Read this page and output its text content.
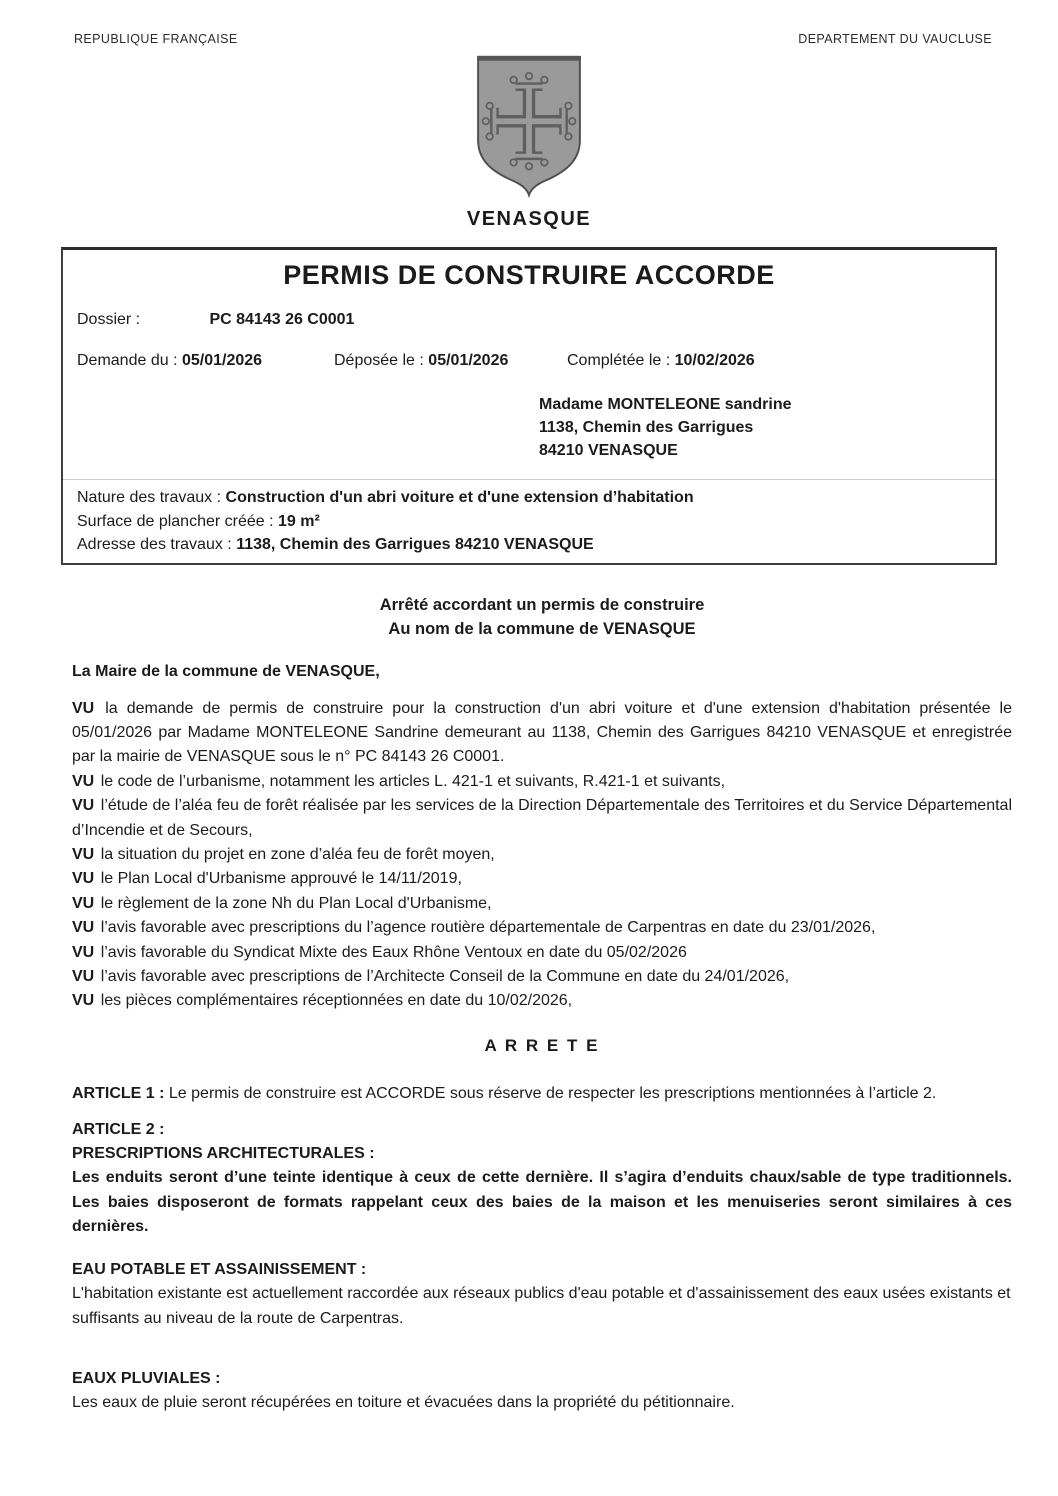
REPUBLIQUE FRANÇAISE	DEPARTEMENT DU VAUCLUSE
VENASQUE
PERMIS DE CONSTRUIRE ACCORDE
Dossier :	PC 84143 26 C0001
Demande du : 05/01/2026	Déposée le : 05/01/2026	Complétée le : 10/02/2026
Madame MONTELEONE sandrine
1138, Chemin des Garrigues
84210 VENASQUE
Nature des travaux : Construction d'un abri voiture et d'une extension d’habitation
Surface de plancher créée : 19 m²
Adresse des travaux : 1138, Chemin des Garrigues 84210 VENASQUE
Arrêté accordant un permis de construire
Au nom de la commune de VENASQUE

La Maire de la commune de VENASQUE,

VU la demande de permis de construire pour la construction d'un abri voiture et d'une extension d'habitation présentée le 05/01/2026 par Madame MONTELEONE Sandrine demeurant au 1138, Chemin des Garrigues 84210 VENASQUE et enregistrée par la mairie de VENASQUE sous le n° PC 84143 26 C0001.

VU le code de l’urbanisme, notamment les articles L. 421-1 et suivants, R.421-1 et suivants,

VU l’étude de l’aléa feu de forêt réalisée par les services de la Direction Départementale des Territoires et du Service Départemental d’Incendie et de Secours,

VU la situation du projet en zone d’aléa feu de forêt moyen,

VU le Plan Local d'Urbanisme approuvé le 14/11/2019,

VU le règlement de la zone Nh du Plan Local d'Urbanisme,

VU l’avis favorable avec prescriptions du l’agence routière départementale de Carpentras en date du 23/01/2026,

VU l’avis favorable du Syndicat Mixte des Eaux Rhône Ventoux en date du 05/02/2026

VU l’avis favorable avec prescriptions de l’Architecte Conseil de la Commune en date du 24/01/2026,

VU les pièces complémentaires réceptionnées en date du 10/02/2026,

A R R E T E

ARTICLE 1 : Le permis de construire est ACCORDE sous réserve de respecter les prescriptions mentionnées à l’article 2.

ARTICLE 2 :

PRESCRIPTIONS ARCHITECTURALES :

Les enduits seront d’une teinte identique à ceux de cette dernière. Il s’agira d’enduits chaux/sable de type traditionnels. Les baies disposeront de formats rappelant ceux des baies de la maison et les menuiseries seront similaires à ces dernières.

EAU POTABLE ET ASSAINISSEMENT :

L'habitation existante est actuellement raccordée aux réseaux publics d'eau potable et d'assainissement des eaux usées existants et suffisants au niveau de la route de Carpentras.

EAUX PLUVIALES :

Les eaux de pluie seront récupérées en toiture et évacuées dans la propriété du pétitionnaire.
